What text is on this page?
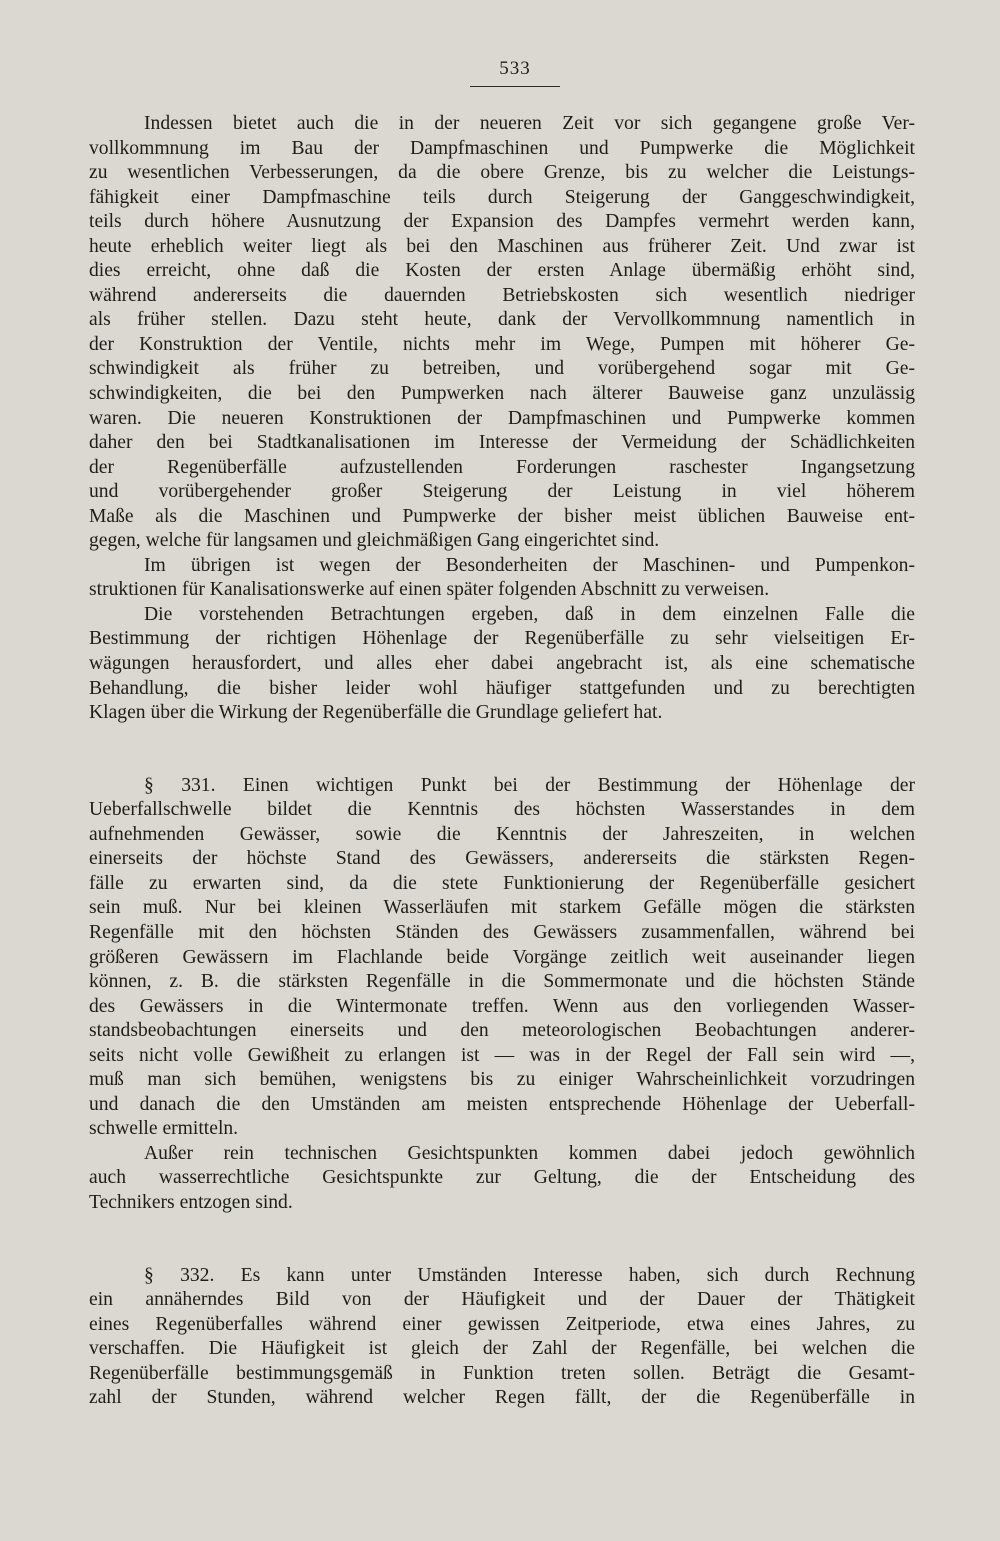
533

Indessen bietet auch die in der neueren Zeit vor sich gegangene große Ver-

vollkommnung im Bau der Dampfmaschinen und Pumpwerke die Möglichkeit

zu wesentlichen Verbesserungen, da die obere Grenze, bis zu welcher die Leistungs-

fähigkeit einer Dampfmaschine teils durch Steigerung der Ganggeschwindigkeit,

teils durch höhere Ausnutzung der Expansion des Dampfes vermehrt werden kann,

heute erheblich weiter liegt als bei den Maschinen aus früherer Zeit. Und zwar ist

dies erreicht, ohne daß die Kosten der ersten Anlage übermäßig erhöht sind,

während andererseits die dauernden Betriebskosten sich wesentlich niedriger

als früher stellen. Dazu steht heute, dank der Vervollkommnung namentlich in

der Konstruktion der Ventile, nichts mehr im Wege, Pumpen mit höherer Ge-

schwindigkeit als früher zu betreiben, und vorübergehend sogar mit Ge-

schwindigkeiten, die bei den Pumpwerken nach älterer Bauweise ganz unzulässig

waren. Die neueren Konstruktionen der Dampfmaschinen und Pumpwerke kommen

daher den bei Stadtkanalisationen im Interesse der Vermeidung der Schädlichkeiten

der Regenüberfälle aufzustellenden Forderungen raschester Ingangsetzung

und vorübergehender großer Steigerung der Leistung in viel höherem

Maße als die Maschinen und Pumpwerke der bisher meist üblichen Bauweise ent-

gegen, welche für langsamen und gleichmäßigen Gang eingerichtet sind.

Im übrigen ist wegen der Besonderheiten der Maschinen- und Pumpenkon-

struktionen für Kanalisationswerke auf einen später folgenden Abschnitt zu verweisen.

Die vorstehenden Betrachtungen ergeben, daß in dem einzelnen Falle die

Bestimmung der richtigen Höhenlage der Regenüberfälle zu sehr vielseitigen Er-

wägungen herausfordert, und alles eher dabei angebracht ist, als eine schematische

Behandlung, die bisher leider wohl häufiger stattgefunden und zu berechtigten

Klagen über die Wirkung der Regenüberfälle die Grundlage geliefert hat.

§ 331. Einen wichtigen Punkt bei der Bestimmung der Höhenlage der

Ueberfallschwelle bildet die Kenntnis des höchsten Wasserstandes in dem

aufnehmenden Gewässer, sowie die Kenntnis der Jahreszeiten, in welchen

einerseits der höchste Stand des Gewässers, andererseits die stärksten Regen-

fälle zu erwarten sind, da die stete Funktionierung der Regenüberfälle gesichert

sein muß. Nur bei kleinen Wasserläufen mit starkem Gefälle mögen die stärksten

Regenfälle mit den höchsten Ständen des Gewässers zusammenfallen, während bei

größeren Gewässern im Flachlande beide Vorgänge zeitlich weit auseinander liegen

können, z. B. die stärksten Regenfälle in die Sommermonate und die höchsten Stände

des Gewässers in die Wintermonate treffen. Wenn aus den vorliegenden Wasser-

standsbeobachtungen einerseits und den meteorologischen Beobachtungen anderer-

seits nicht volle Gewißheit zu erlangen ist — was in der Regel der Fall sein wird —,

muß man sich bemühen, wenigstens bis zu einiger Wahrscheinlichkeit vorzudringen

und danach die den Umständen am meisten entsprechende Höhenlage der Ueberfall-

schwelle ermitteln.

Außer rein technischen Gesichtspunkten kommen dabei jedoch gewöhnlich

auch wasserrechtliche Gesichtspunkte zur Geltung, die der Entscheidung des

Technikers entzogen sind.

§ 332. Es kann unter Umständen Interesse haben, sich durch Rechnung

ein annäherndes Bild von der Häufigkeit und der Dauer der Thätigkeit

eines Regenüberfalles während einer gewissen Zeitperiode, etwa eines Jahres, zu

verschaffen. Die Häufigkeit ist gleich der Zahl der Regenfälle, bei welchen die

Regenüberfälle bestimmungsgemäß in Funktion treten sollen. Beträgt die Gesamt-

zahl der Stunden, während welcher Regen fällt, der die Regenüberfälle in
